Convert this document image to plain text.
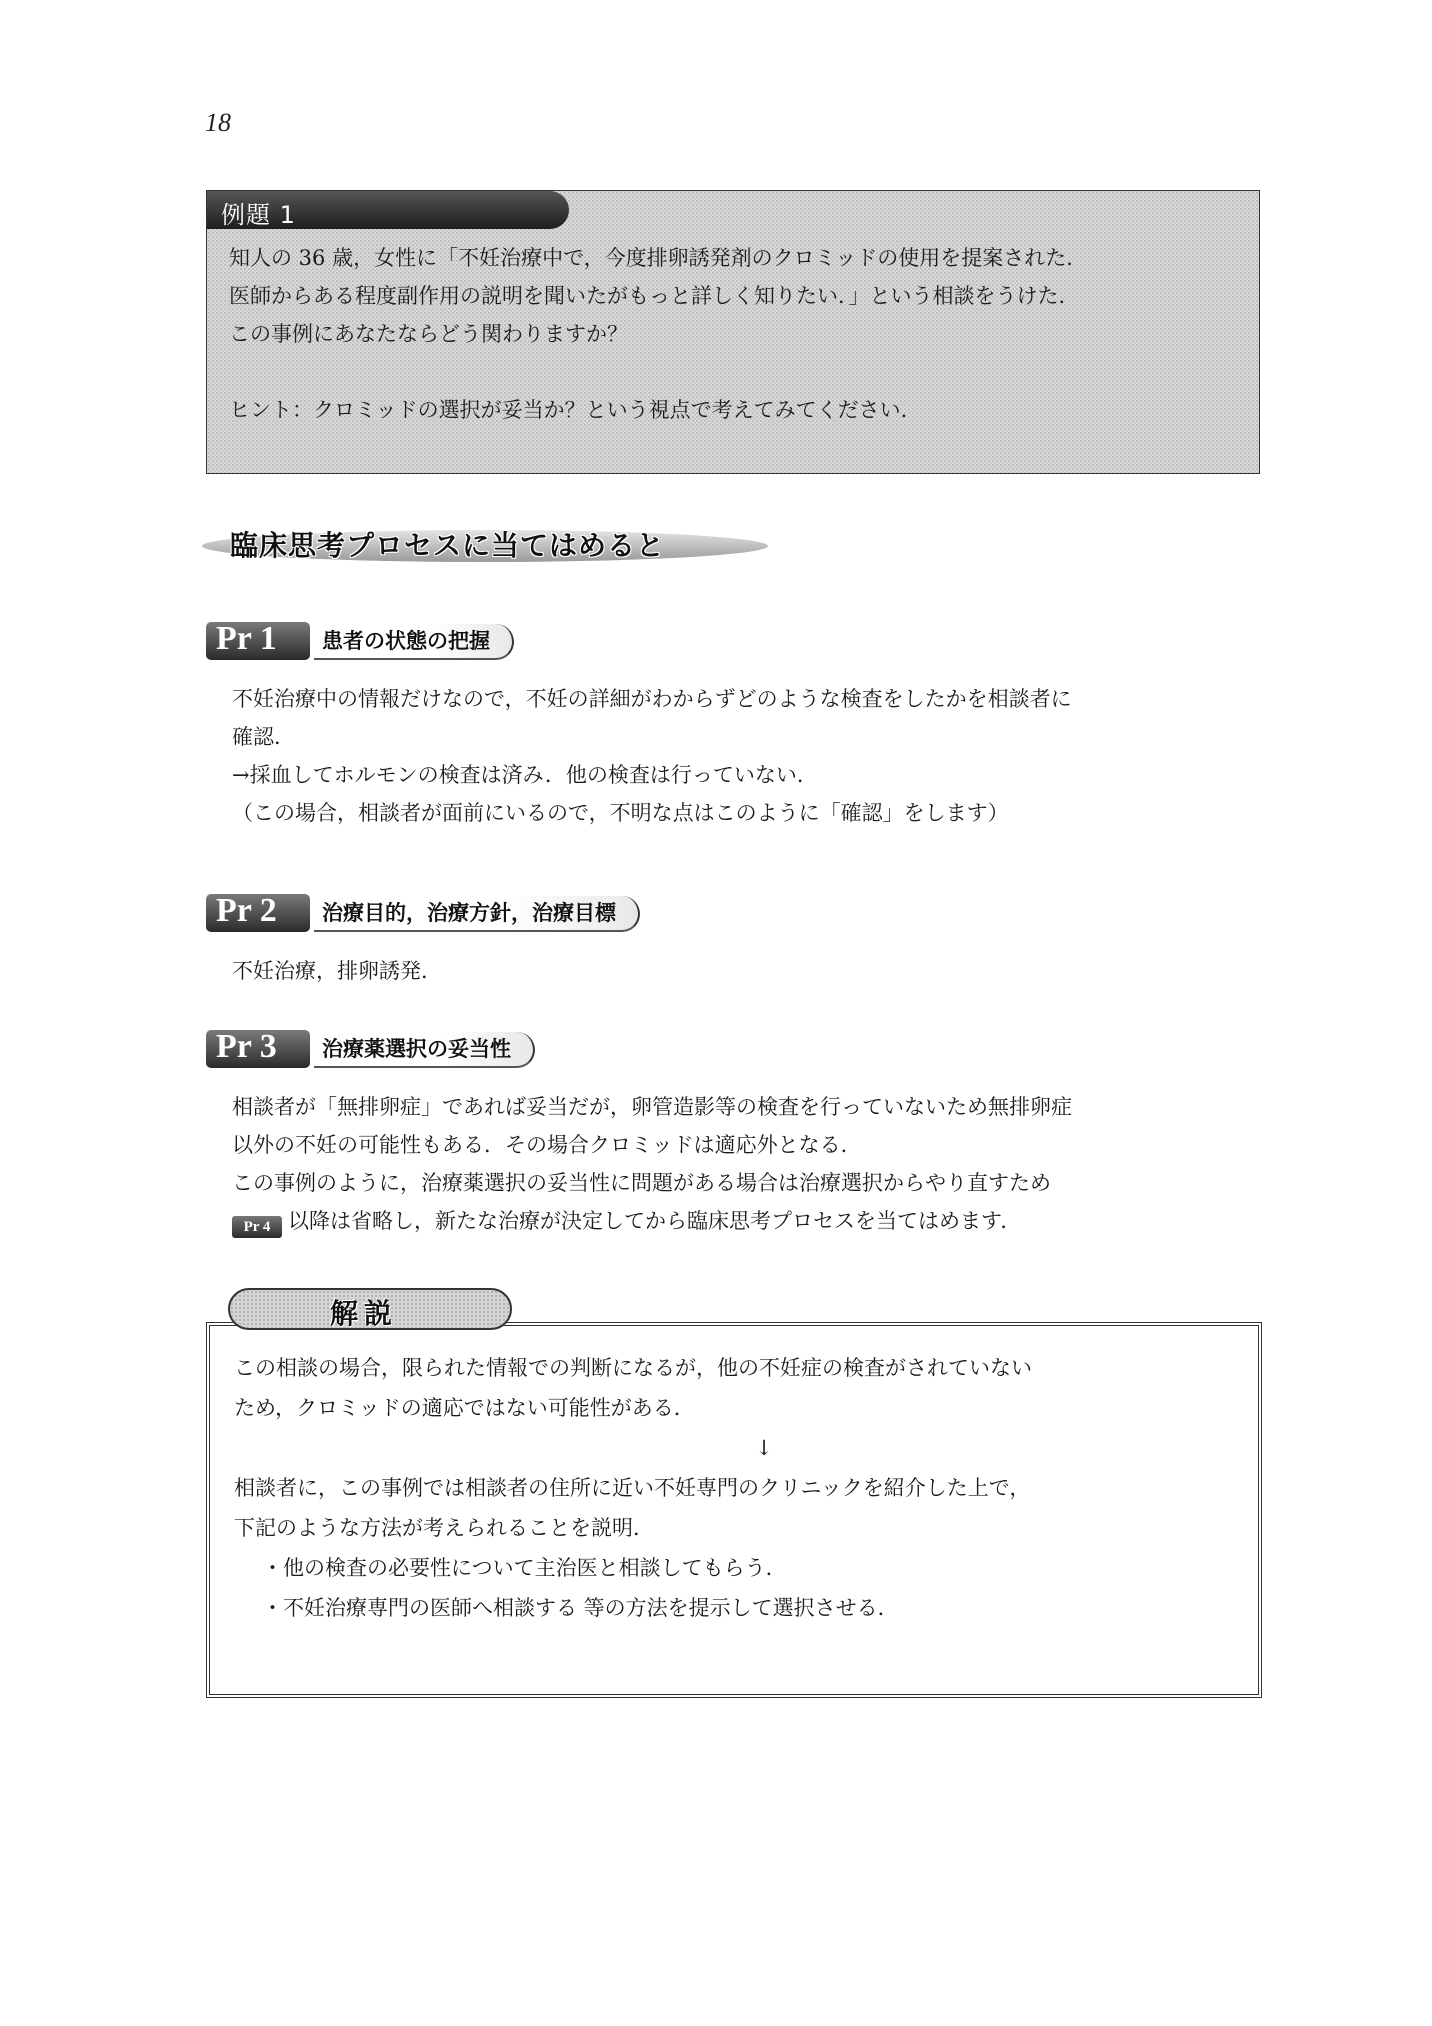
18
例題 1

知人の 36 歳，女性に「不妊治療中で，今度排卵誘発剤のクロミッドの使用を提案された．

医師からある程度副作用の説明を聞いたがもっと詳しく知りたい．」という相談をうけた．

この事例にあなたならどう関わりますか？

ヒント：クロミッドの選択が妥当か？という視点で考えてみてください．

臨床思考プロセスに当てはめると
Pr 1	患者の状態の把握

不妊治療中の情報だけなので，不妊の詳細がわからずどのような検査をしたかを相談者に

確認．

→採血してホルモンの検査は済み．他の検査は行っていない．

（この場合，相談者が面前にいるので，不明な点はこのように「確認」をします）

Pr 2	治療目的，治療方針，治療目標

不妊治療，排卵誘発．

Pr 3	治療薬選択の妥当性

相談者が「無排卵症」であれば妥当だが，卵管造影等の検査を行っていないため無排卵症

以外の不妊の可能性もある．その場合クロミッドは適応外となる．

この事例のように，治療薬選択の妥当性に問題がある場合は治療選択からやり直すため

Pr 4 以降は省略し，新たな治療が決定してから臨床思考プロセスを当てはめます．

この相談の場合，限られた情報での判断になるが，他の不妊症の検査がされていない

ため，クロミッドの適応ではない可能性がある．

↓

相談者に，この事例では相談者の住所に近い不妊専門のクリニックを紹介した上で，

下記のような方法が考えられることを説明．

・他の検査の必要性について主治医と相談してもらう．

・不妊治療専門の医師へ相談する 等の方法を提示して選択させる．

解説
